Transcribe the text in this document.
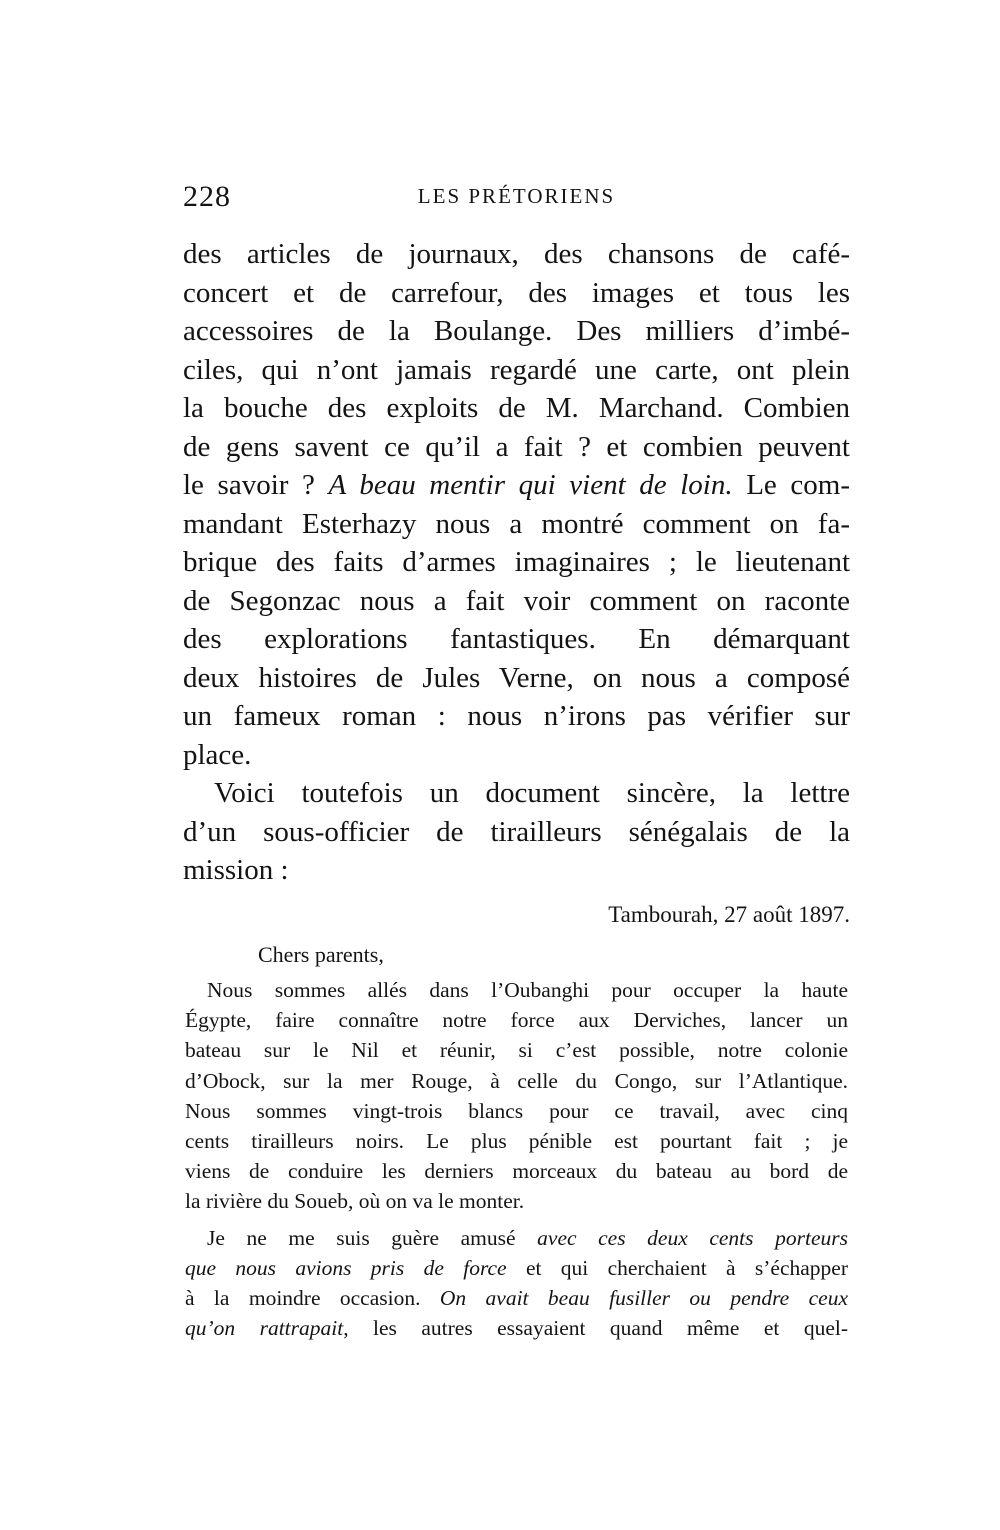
228	LES PRÉTORIENS
des articles de journaux, des chansons de café-
concert et de carrefour, des images et tous les
accessoires de la Boulange. Des milliers d’imbé-
ciles, qui n’ont jamais regardé une carte, ont plein
la bouche des exploits de M. Marchand. Combien
de gens savent ce qu’il a fait ? et combien peuvent
le savoir ? A beau mentir qui vient de loin. Le com-
mandant Esterhazy nous a montré comment on fa-
brique des faits d’armes imaginaires ; le lieutenant
de Segonzac nous a fait voir comment on raconte
des explorations fantastiques. En démarquant
deux histoires de Jules Verne, on nous a composé
un fameux roman : nous n’irons pas vérifier sur
place.
Voici toutefois un document sincère, la lettre
d’un sous-officier de tirailleurs sénégalais de la
mission :
Tambourah, 27 août 1897.
Chers parents,
Nous sommes allés dans l’Oubanghi pour occuper la haute
Égypte, faire connaître notre force aux Derviches, lancer un
bateau sur le Nil et réunir, si c’est possible, notre colonie
d’Obock, sur la mer Rouge, à celle du Congo, sur l’Atlantique.
Nous sommes vingt-trois blancs pour ce travail, avec cinq
cents tirailleurs noirs. Le plus pénible est pourtant fait ; je
viens de conduire les derniers morceaux du bateau au bord de
la rivière du Soueb, où on va le monter.
Je ne me suis guère amusé avec ces deux cents porteurs
que nous avions pris de force et qui cherchaient à s’échapper
à la moindre occasion. On avait beau fusiller ou pendre ceux
qu’on rattrapait, les autres essayaient quand même et quel-
